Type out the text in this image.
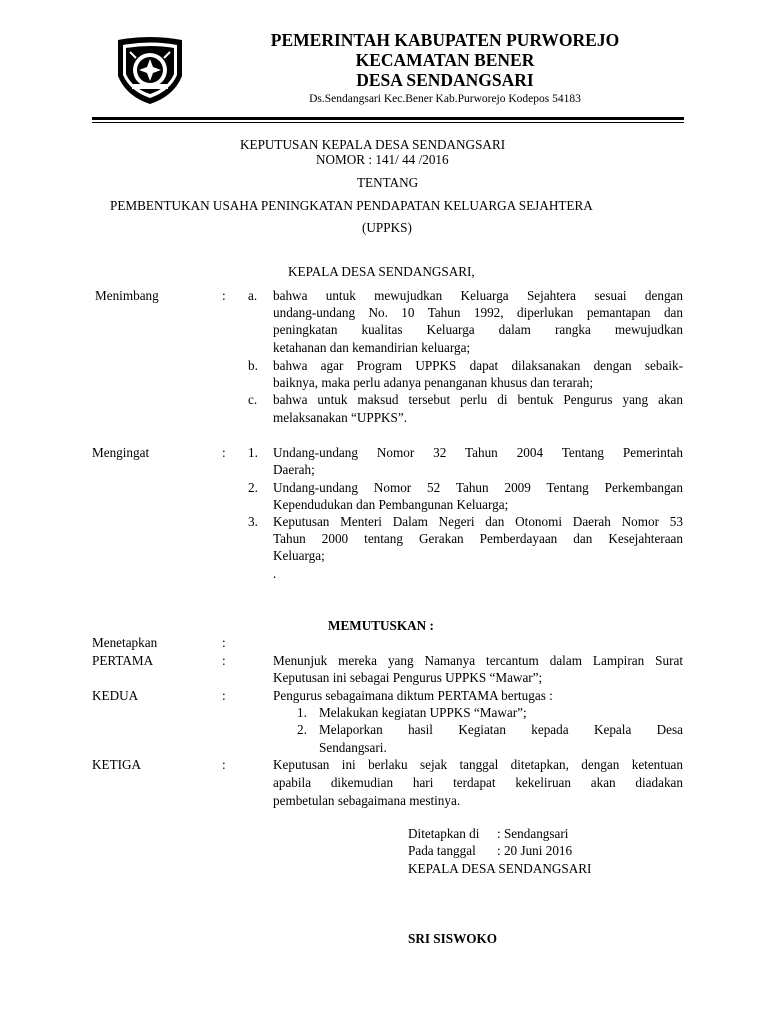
PEMERINTAH KABUPATEN PURWOREJO
KECAMATAN BENER
DESA SENDANGSARI
Ds.Sendangsari Kec.Bener Kab.Purworejo Kodepos 54183
KEPUTUSAN KEPALA DESA SENDANGSARI
NOMOR : 141/ 44 /2016
TENTANG
PEMBENTUKAN USAHA PENINGKATAN PENDAPATAN KELUARGA SEJAHTERA
(UPPKS)
KEPALA DESA SENDANGSARI,
Menimbang	: a. bahwa untuk mewujudkan Keluarga Sejahtera sesuai dengan
undang-undang No. 10 Tahun 1992, diperlukan pemantapan dan
peningkatan kualitas Keluarga dalam rangka mewujudkan
ketahanan dan kemandirian keluarga;
b. bahwa agar Program UPPKS dapat dilaksanakan dengan sebaik-
baiknya, maka perlu adanya penanganan khusus dan terarah;
c. bahwa untuk maksud tersebut perlu di bentuk Pengurus yang akan
melaksanakan “UPPKS”.
Mengingat	: 1. Undang-undang Nomor 32 Tahun 2004 Tentang Pemerintah
Daerah;
2. Undang-undang Nomor 52 Tahun 2009 Tentang Perkembangan
Kependudukan dan Pembangunan Keluarga;
3. Keputusan Menteri Dalam Negeri dan Otonomi Daerah Nomor 53
Tahun 2000 tentang Gerakan Pemberdayaan dan Kesejahteraan
Keluarga;
.
MEMUTUSKAN :
Menetapkan	:
PERTAMA	:	Menunjuk mereka yang Namanya tercantum dalam Lampiran Surat
Keputusan ini sebagai Pengurus UPPKS “Mawar”;
KEDUA	:	Pengurus sebagaimana diktum PERTAMA bertugas :
1. Melakukan kegiatan UPPKS “Mawar”;
2. Melaporkan hasil Kegiatan kepada Kepala Desa
Sendangsari.
KETIGA	:	Keputusan ini berlaku sejak tanggal ditetapkan, dengan ketentuan
apabila dikemudian hari terdapat kekeliruan akan diadakan
pembetulan sebagaimana mestinya.
Ditetapkan di : Sendangsari
Pada tanggal : 20 Juni 2016
KEPALA DESA SENDANGSARI
SRI SISWOKO
